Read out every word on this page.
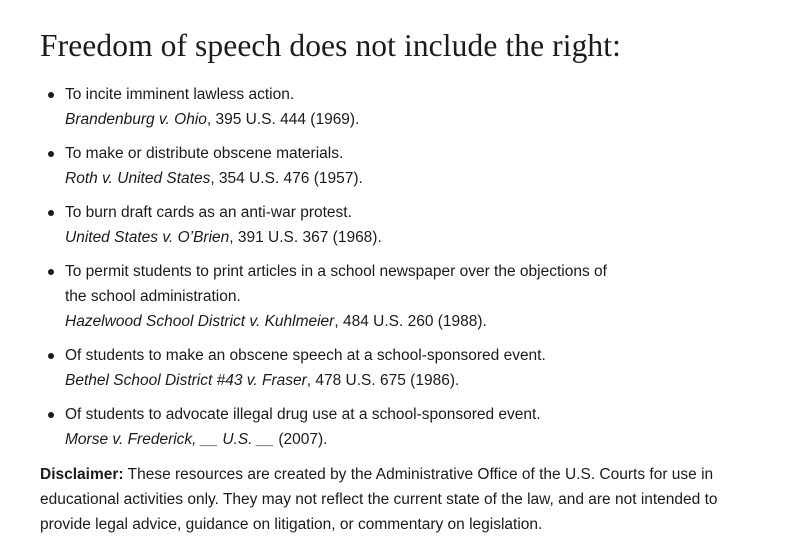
Freedom of speech does not include the right:
To incite imminent lawless action.
Brandenburg v. Ohio, 395 U.S. 444 (1969).
To make or distribute obscene materials.
Roth v. United States, 354 U.S. 476 (1957).
To burn draft cards as an anti-war protest.
United States v. O’Brien, 391 U.S. 367 (1968).
To permit students to print articles in a school newspaper over the objections of the school administration.
Hazelwood School District v. Kuhlmeier, 484 U.S. 260 (1988).
Of students to make an obscene speech at a school-sponsored event.
Bethel School District #43 v. Fraser, 478 U.S. 675 (1986).
Of students to advocate illegal drug use at a school-sponsored event.
Morse v. Frederick, __ U.S. __ (2007).

Disclaimer: These resources are created by the Administrative Office of the U.S. Courts for use in educational activities only. They may not reflect the current state of the law, and are not intended to provide legal advice, guidance on litigation, or commentary on legislation.
